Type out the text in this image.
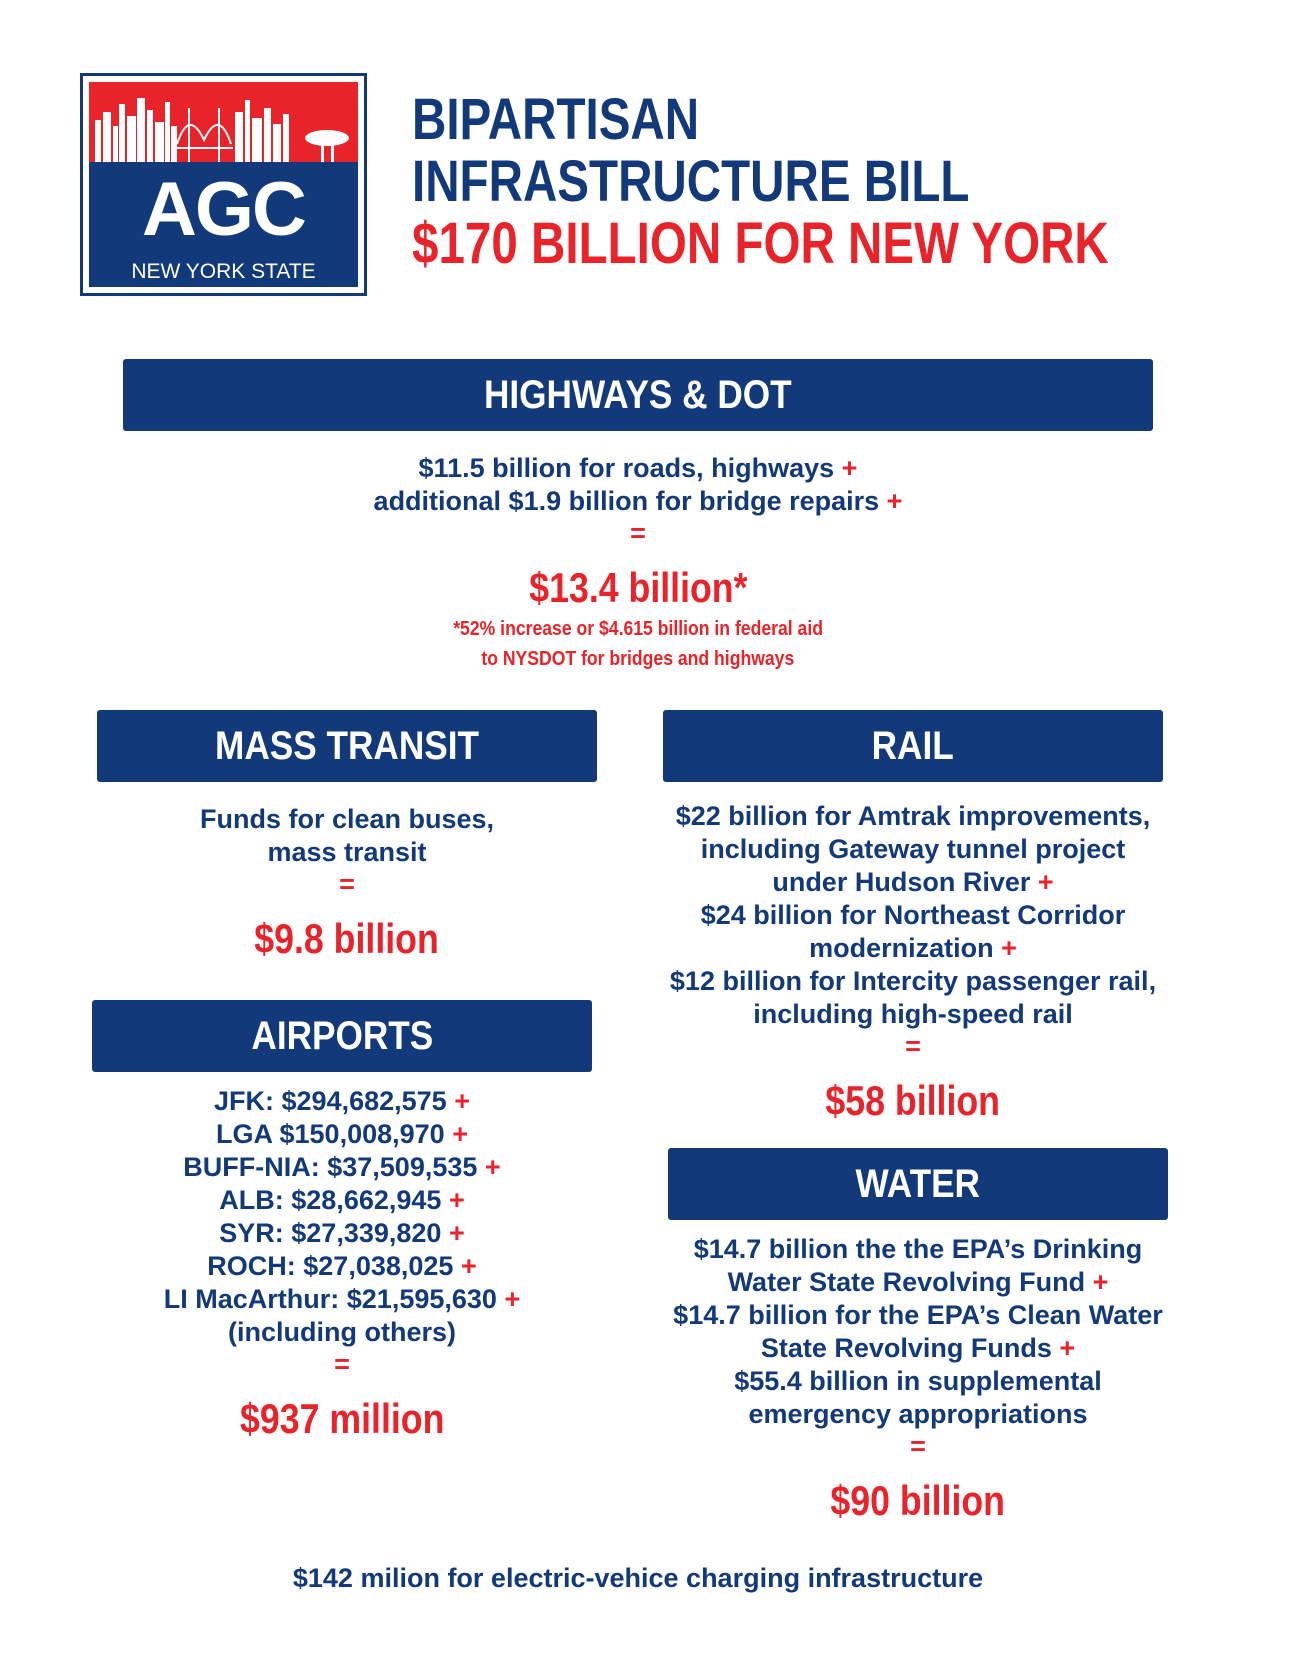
AGC
NEW YORK STATE
BIPARTISAN
INFRASTRUCTURE BILL
$170 BILLION FOR NEW YORK
HIGHWAYS & DOT
$11.5 billion for roads, highways +
additional $1.9 billion for bridge repairs +
=
$13.4 billion*
*52% increase or $4.615 billion in federal aid
to NYSDOT for bridges and highways
MASS TRANSIT
Funds for clean buses,
mass transit
=
$9.8 billion
AIRPORTS
JFK: $294,682,575 +
LGA $150,008,970 +
BUFF-NIA: $37,509,535 +
ALB: $28,662,945 +
SYR: $27,339,820 +
ROCH: $27,038,025 +
LI MacArthur: $21,595,630 +
(including others)
=
$937 million
RAIL
$22 billion for Amtrak improvements,
including Gateway tunnel project
under Hudson River +
$24 billion for Northeast Corridor
modernization +
$12 billion for Intercity passenger rail,
including high-speed rail
=
$58 billion
WATER
$14.7 billion the the EPA’s Drinking
Water State Revolving Fund +
$14.7 billion for the EPA’s Clean Water
State Revolving Funds +
$55.4 billion in supplemental
emergency appropriations
=
$90 billion
$142 milion for electric-vehice charging infrastructure
